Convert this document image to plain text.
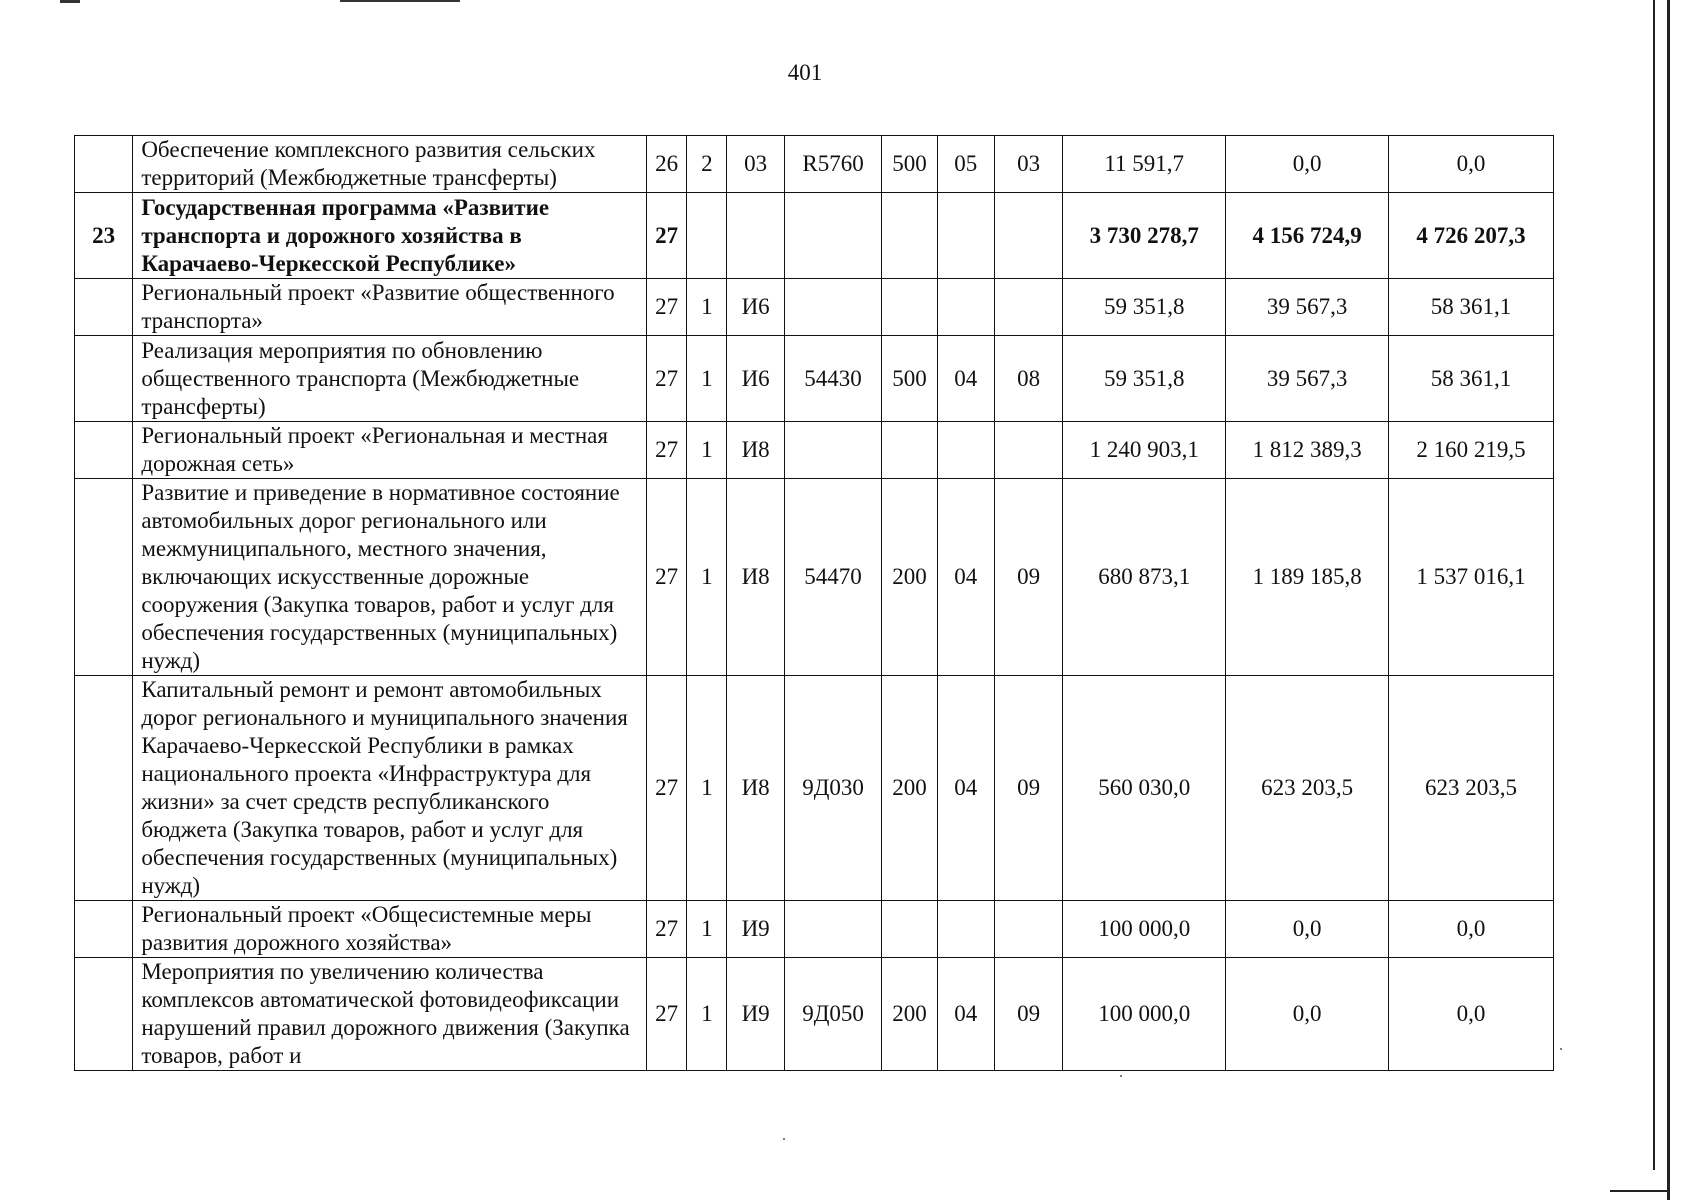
401
	Обеспечение комплексного развития сельских территорий (Межбюджетные трансферты)	26	2	03	R5760	500	05	03	11 591,7	0,0	0,0
23	Государственная программа «Развитие транспорта и дорожного хозяйства в Карачаево-Черкесской Республике»	27							3 730 278,7	4 156 724,9	4 726 207,3
	Региональный проект «Развитие общественного транспорта»	27	1	И6					59 351,8	39 567,3	58 361,1
	Реализация мероприятия по обновлению общественного транспорта (Межбюджетные трансферты)	27	1	И6	54430	500	04	08	59 351,8	39 567,3	58 361,1
	Региональный проект «Региональная и местная дорожная сеть»	27	1	И8					1 240 903,1	1 812 389,3	2 160 219,5
	Развитие и приведение в нормативное состояние автомобильных дорог регионального или межмуниципального, местного значения, включающих искусственные дорожные сооружения (Закупка товаров, работ и услуг для обеспечения государственных (муниципальных) нужд)	27	1	И8	54470	200	04	09	680 873,1	1 189 185,8	1 537 016,1
	Капитальный ремонт и ремонт автомобильных дорог регионального и муниципального значения Карачаево-Черкесской Республики в рамках национального проекта «Инфраструктура для жизни» за счет средств республиканского бюджета (Закупка товаров, работ и услуг для обеспечения государственных (муниципальных) нужд)	27	1	И8	9Д030	200	04	09	560 030,0	623 203,5	623 203,5
	Региональный проект «Общесистемные меры развития дорожного хозяйства»	27	1	И9					100 000,0	0,0	0,0
	Мероприятия по увеличению количества комплексов автоматической фотовидеофиксации нарушений правил дорожного движения (Закупка товаров, работ и	27	1	И9	9Д050	200	04	09	100 000,0	0,0	0,0
